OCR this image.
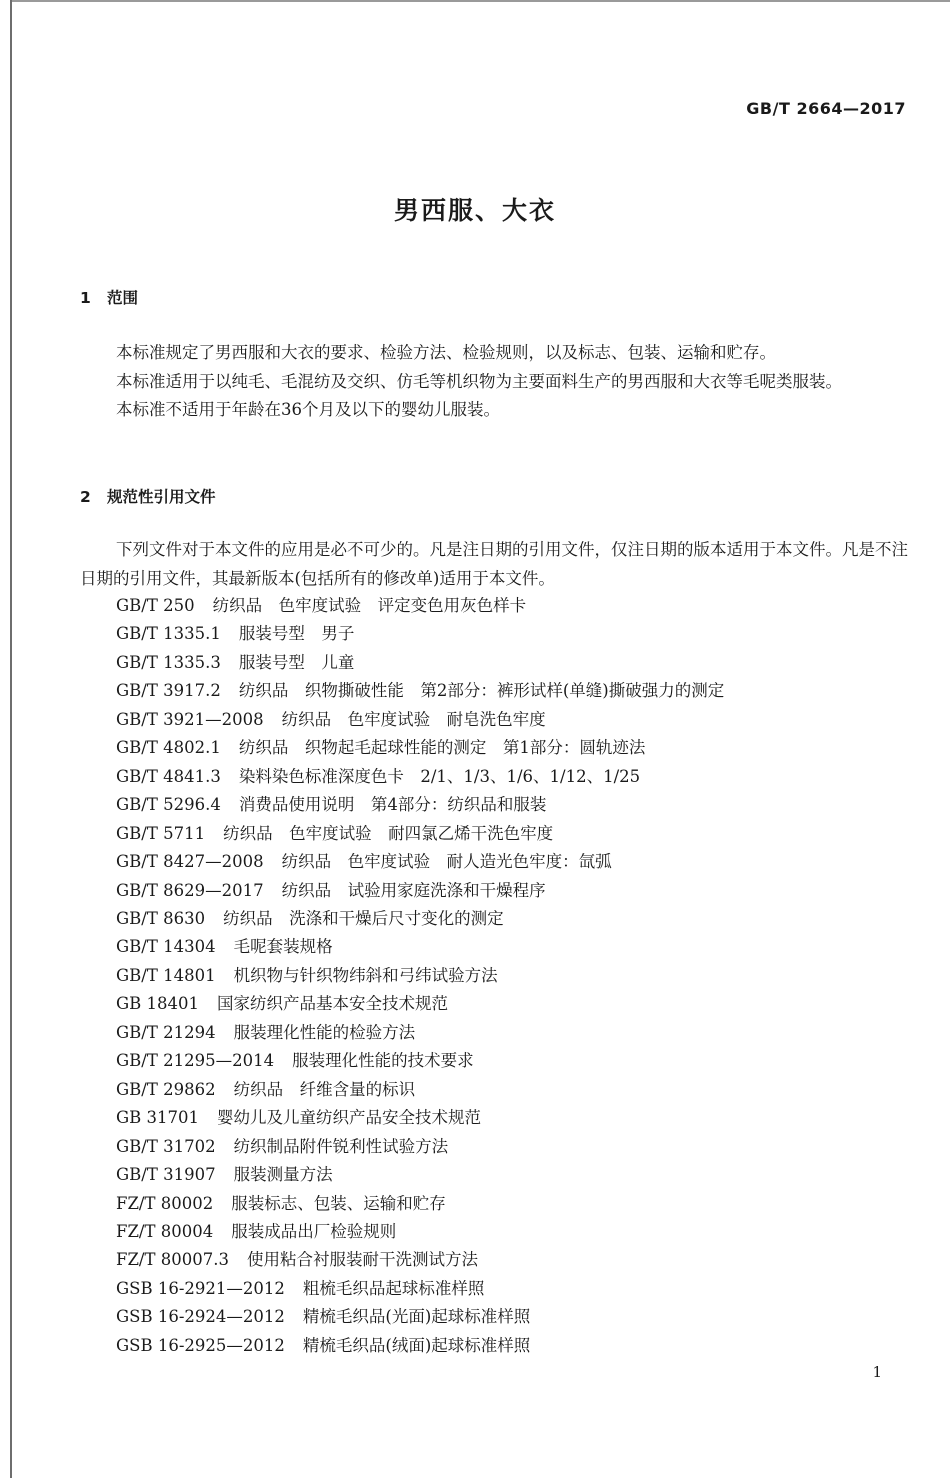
GB/T 2664—2017
男西服、大衣
1 范围

本标准规定了男西服和大衣的要求、检验方法、检验规则，以及标志、包装、运输和贮存。

本标准适用于以纯毛、毛混纺及交织、仿毛等机织物为主要面料生产的男西服和大衣等毛呢类服装。

本标准不适用于年龄在36个月及以下的婴幼儿服装。

2 规范性引用文件

下列文件对于本文件的应用是必不可少的。凡是注日期的引用文件，仅注日期的版本适用于本文件。凡是不注日期的引用文件，其最新版本(包括所有的修改单)适用于本文件。

GB/T 250 纺织品　色牢度试验　评定变色用灰色样卡
GB/T 1335.1 服装号型　男子
GB/T 1335.3 服装号型　儿童
GB/T 3917.2 纺织品　织物撕破性能　第2部分：裤形试样(单缝)撕破强力的测定
GB/T 3921—2008 纺织品　色牢度试验　耐皂洗色牢度
GB/T 4802.1 纺织品　织物起毛起球性能的测定　第1部分：圆轨迹法
GB/T 4841.3 染料染色标准深度色卡　2/1、1/3、1/6、1/12、1/25
GB/T 5296.4 消费品使用说明　第4部分：纺织品和服装
GB/T 5711 纺织品　色牢度试验　耐四氯乙烯干洗色牢度
GB/T 8427—2008 纺织品　色牢度试验　耐人造光色牢度：氙弧
GB/T 8629—2017 纺织品　试验用家庭洗涤和干燥程序
GB/T 8630 纺织品　洗涤和干燥后尺寸变化的测定
GB/T 14304 毛呢套装规格
GB/T 14801 机织物与针织物纬斜和弓纬试验方法
GB 18401 国家纺织产品基本安全技术规范
GB/T 21294 服装理化性能的检验方法
GB/T 21295—2014 服装理化性能的技术要求
GB/T 29862 纺织品　纤维含量的标识
GB 31701 婴幼儿及儿童纺织产品安全技术规范
GB/T 31702 纺织制品附件锐利性试验方法
GB/T 31907 服装测量方法
FZ/T 80002 服装标志、包装、运输和贮存
FZ/T 80004 服装成品出厂检验规则
FZ/T 80007.3 使用粘合衬服装耐干洗测试方法
GSB 16-2921—2012 粗梳毛织品起球标准样照
GSB 16-2924—2012 精梳毛织品(光面)起球标准样照
GSB 16-2925—2012 精梳毛织品(绒面)起球标准样照
1
